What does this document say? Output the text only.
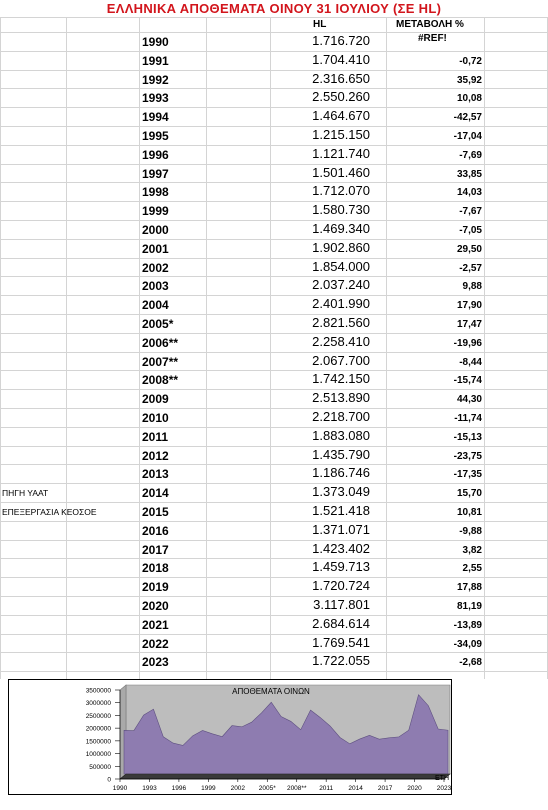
ΕΛΛΗΝΙΚΑ ΑΠΟΘΕΜΑΤΑ ΟΙΝΟΥ 31 ΙΟΥΛΙΟΥ (ΣΕ HL)
HL	ΜΕΤΑΒΟΛΗ %
1990	1.716.720	#REF!
1991	1.704.410	-0,72
1992	2.316.650	35,92
1993	2.550.260	10,08
1994	1.464.670	-42,57
1995	1.215.150	-17,04
1996	1.121.740	-7,69
1997	1.501.460	33,85
1998	1.712.070	14,03
1999	1.580.730	-7,67
2000	1.469.340	-7,05
2001	1.902.860	29,50
2002	1.854.000	-2,57
2003	2.037.240	9,88
2004	2.401.990	17,90
2005*	2.821.560	17,47
2006**	2.258.410	-19,96
2007**	2.067.700	-8,44
2008**	1.742.150	-15,74
2009	2.513.890	44,30
2010	2.218.700	-11,74
2011	1.883.080	-15,13
2012	1.435.790	-23,75
2013	1.186.746	-17,35
2014	1.373.049	15,70
2015	1.521.418	10,81
2016	1.371.071	-9,88
2017	1.423.402	3,82
2018	1.459.713	2,55
2019	1.720.724	17,88
2020	3.117.801	81,19
2021	2.684.614	-13,89
2022	1.769.541	-34,09
2023	1.722.055	-2,68
ΠΗΓΗ ΥΑΑΤ
ΕΠΕΞΕΡΓΑΣΙΑ ΚΕΟΣΟΕ
3500000
3000000
2500000
2000000
1500000
1000000
500000
0
1990 1993 1996 1999 2002 2005* 2008** 2011 2014 2017 2020 2023
ΑΠΟΘΕΜΑΤΑ ΟΙΝΩΝ
ΕΤΗ
